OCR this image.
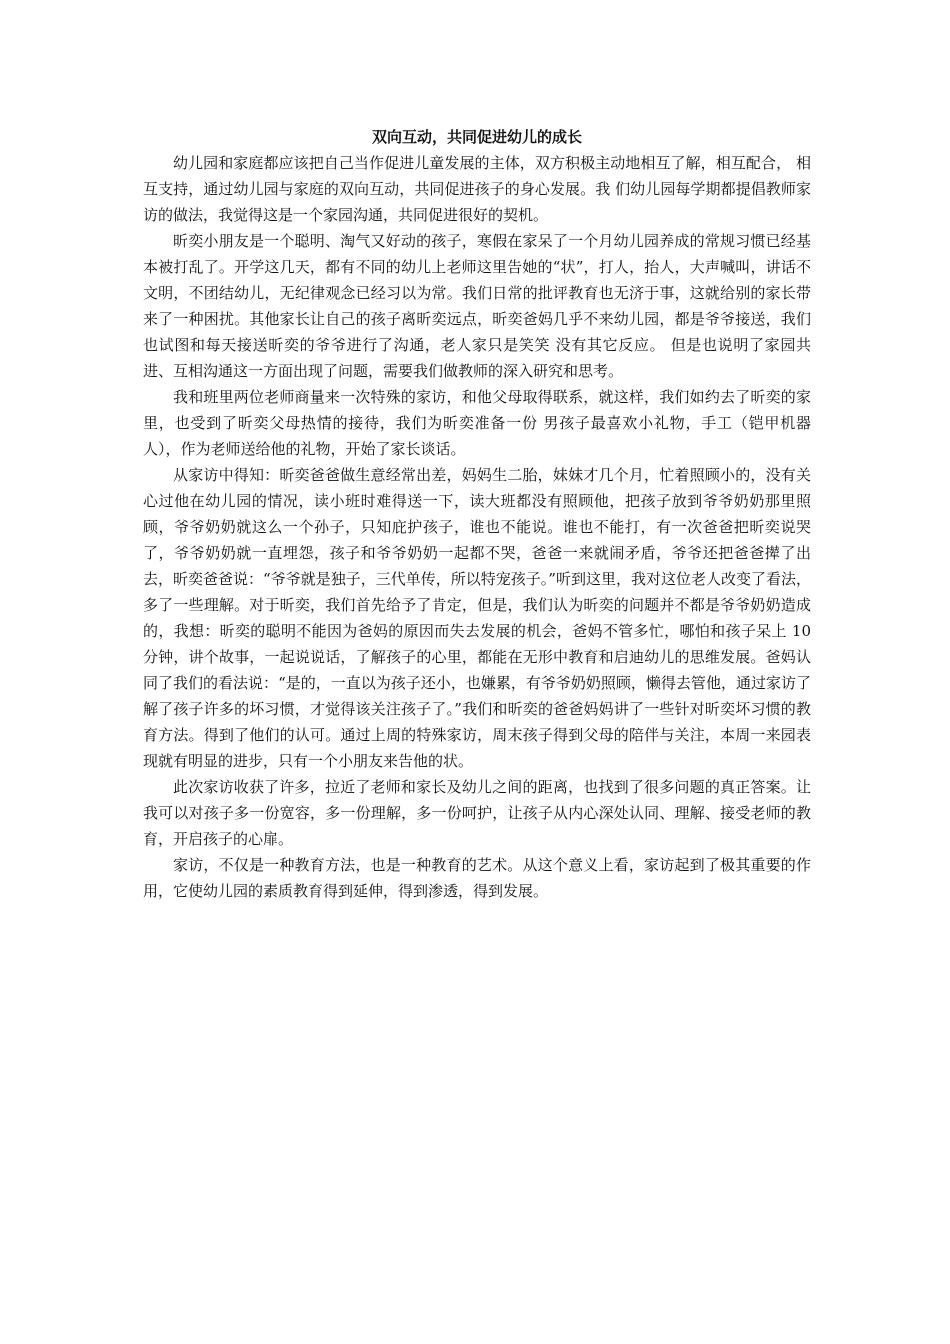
双向互动，共同促进幼儿的成长

幼儿园和家庭都应该把自己当作促进儿童发展的主体，双方积极主动地相互了解，相互配合， 相互支持，通过幼儿园与家庭的双向互动，共同促进孩子的身心发展。我 们幼儿园每学期都提倡教师家访的做法，我觉得这是一个家园沟通，共同促进很好的契机。

昕奕小朋友是一个聪明、淘气又好动的孩子，寒假在家呆了一个月幼儿园养成的常规习惯已经基本被打乱了。开学这几天，都有不同的幼儿上老师这里告她的“状”，打人，抬人，大声喊叫，讲话不文明，不团结幼儿，无纪律观念已经习以为常。我们日常的批评教育也无济于事，这就给别的家长带来了一种困扰。其他家长让自己的孩子离昕奕远点，昕奕爸妈几乎不来幼儿园，都是爷爷接送，我们也试图和每天接送昕奕的爷爷进行了沟通，老人家只是笑笑 没有其它反应。 但是也说明了家园共进、互相沟通这一方面出现了问题，需要我们做教师的深入研究和思考。

我和班里两位老师商量来一次特殊的家访，和他父母取得联系，就这样，我们如约去了昕奕的家里，也受到了昕奕父母热情的接待，我们为昕奕准备一份 男孩子最喜欢小礼物，手工（铠甲机器人），作为老师送给他的礼物，开始了家长谈话。

从家访中得知：昕奕爸爸做生意经常出差，妈妈生二胎，妹妹才几个月，忙着照顾小的，没有关心过他在幼儿园的情况，读小班时难得送一下，读大班都没有照顾他，把孩子放到爷爷奶奶那里照顾，爷爷奶奶就这么一个孙子，只知庇护孩子，谁也不能说。谁也不能打，有一次爸爸把昕奕说哭了，爷爷奶奶就一直埋怨，孩子和爷爷奶奶一起都不哭，爸爸一来就闹矛盾，爷爷还把爸爸撵了出去，昕奕爸爸说：“爷爷就是独子，三代单传，所以特宠孩子。”听到这里，我对这位老人改变了看法，多了一些理解。对于昕奕，我们首先给予了肯定，但是，我们认为昕奕的问题并不都是爷爷奶奶造成的，我想：昕奕的聪明不能因为爸妈的原因而失去发展的机会，爸妈不管多忙，哪怕和孩子呆上 10 分钟，讲个故事，一起说说话，了解孩子的心里，都能在无形中教育和启迪幼儿的思维发展。爸妈认同了我们的看法说：“是的，一直以为孩子还小，也嫌累，有爷爷奶奶照顾，懒得去管他，通过家访了解了孩子许多的坏习惯，才觉得该关注孩子了。”我们和昕奕的爸爸妈妈讲了一些针对昕奕坏习惯的教育方法。得到了他们的认可。通过上周的特殊家访，周末孩子得到父母的陪伴与关注，本周一来园表现就有明显的进步，只有一个小朋友来告他的状。

此次家访收获了许多，拉近了老师和家长及幼儿之间的距离，也找到了很多问题的真正答案。让我可以对孩子多一份宽容，多一份理解，多一份呵护，让孩子从内心深处认同、理解、接受老师的教育，开启孩子的心扉。

家访，不仅是一种教育方法，也是一种教育的艺术。从这个意义上看，家访起到了极其重要的作用，它使幼儿园的素质教育得到延伸，得到渗透，得到发展。
